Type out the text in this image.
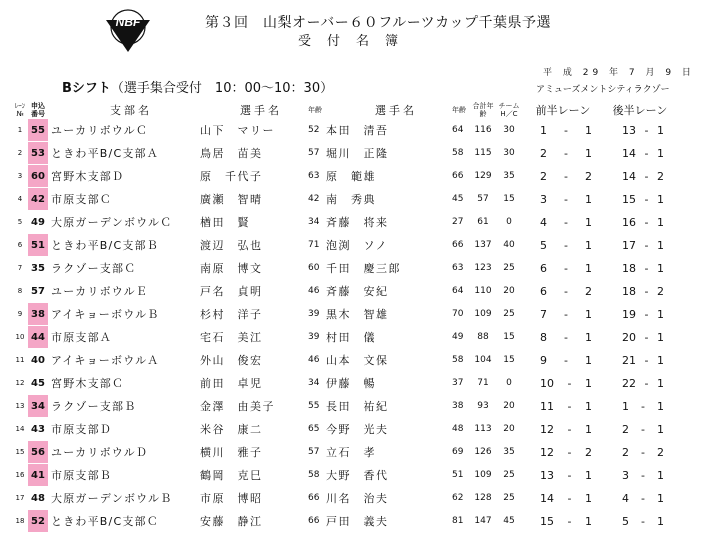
NBF	第３回　山梨オーバー６０フルーツカップ千葉県予選
受付名簿
Bシフト（選手集合受付　10：00〜10：30）
平 成 29 年 7 月 9 日
アミューズメントシティラクゾー
ﾚｰﾝ№	申込番号	支部名	選手名	年齢	選手名	年齢	合計年齢	チームH／C	前半レーン	後半レーン
1	55	ユーカリボウルＣ	山下　マリー	52	本田　清吾	64	116	30	1 - 1	13 - 1

2	53	ときわ平B/C支部Ａ	鳥居　苗美	57	堀川　正隆	58	115	30	2 - 1	14 - 1

3	60	宮野木支部Ｄ	原　千代子	63	原　範雄	66	129	35	2 - 2	14 - 2

4	42	市原支部Ｃ	廣瀬　智晴	42	南　秀典	45	57	15	3 - 1	15 - 1

5	49	大原ガーデンボウルＣ	楢田　賢	34	斉藤　将来	27	61	0	4 - 1	16 - 1

6	51	ときわ平B/C支部Ｂ	渡辺　弘也	71	泡渕　ソノ	66	137	40	5 - 1	17 - 1

7	35	ラクゾー支部Ｃ	南原　博文	60	千田　慶三郎	63	123	25	6 - 1	18 - 1

8	57	ユーカリボウルＥ	戸名　貞明	46	斉藤　安紀	64	110	20	6 - 2	18 - 2

9	38	アイキョーボウルＢ	杉村　洋子	39	黒木　智雄	70	109	25	7 - 1	19 - 1

10	44	市原支部Ａ	宅石　美江	39	村田　儀	49	88	15	8 - 1	20 - 1

11	40	アイキョーボウルＡ	外山　俊宏	46	山本　文保	58	104	15	9 - 1	21 - 1

12	45	宮野木支部Ｃ	前田　卓児	34	伊藤　暢	37	71	0	10 - 1	22 - 1

13	34	ラクゾー支部Ｂ	金澤　由美子	55	長田　祐紀	38	93	20	11 - 1	1 - 1

14	43	市原支部Ｄ	米谷　康二	65	今野　光夫	48	113	20	12 - 1	2 - 1

15	56	ユーカリボウルＤ	横川　雅子	57	立石　孝	69	126	35	12 - 2	2 - 2

16	41	市原支部Ｂ	鶴岡　克巳	58	大野　香代	51	109	25	13 - 1	3 - 1

17	48	大原ガーデンボウルＢ	市原　博昭	66	川名　治夫	62	128	25	14 - 1	4 - 1

18	52	ときわ平B/C支部Ｃ	安藤　静江	66	戸田　義夫	81	147	45	15 - 1	5 - 1
